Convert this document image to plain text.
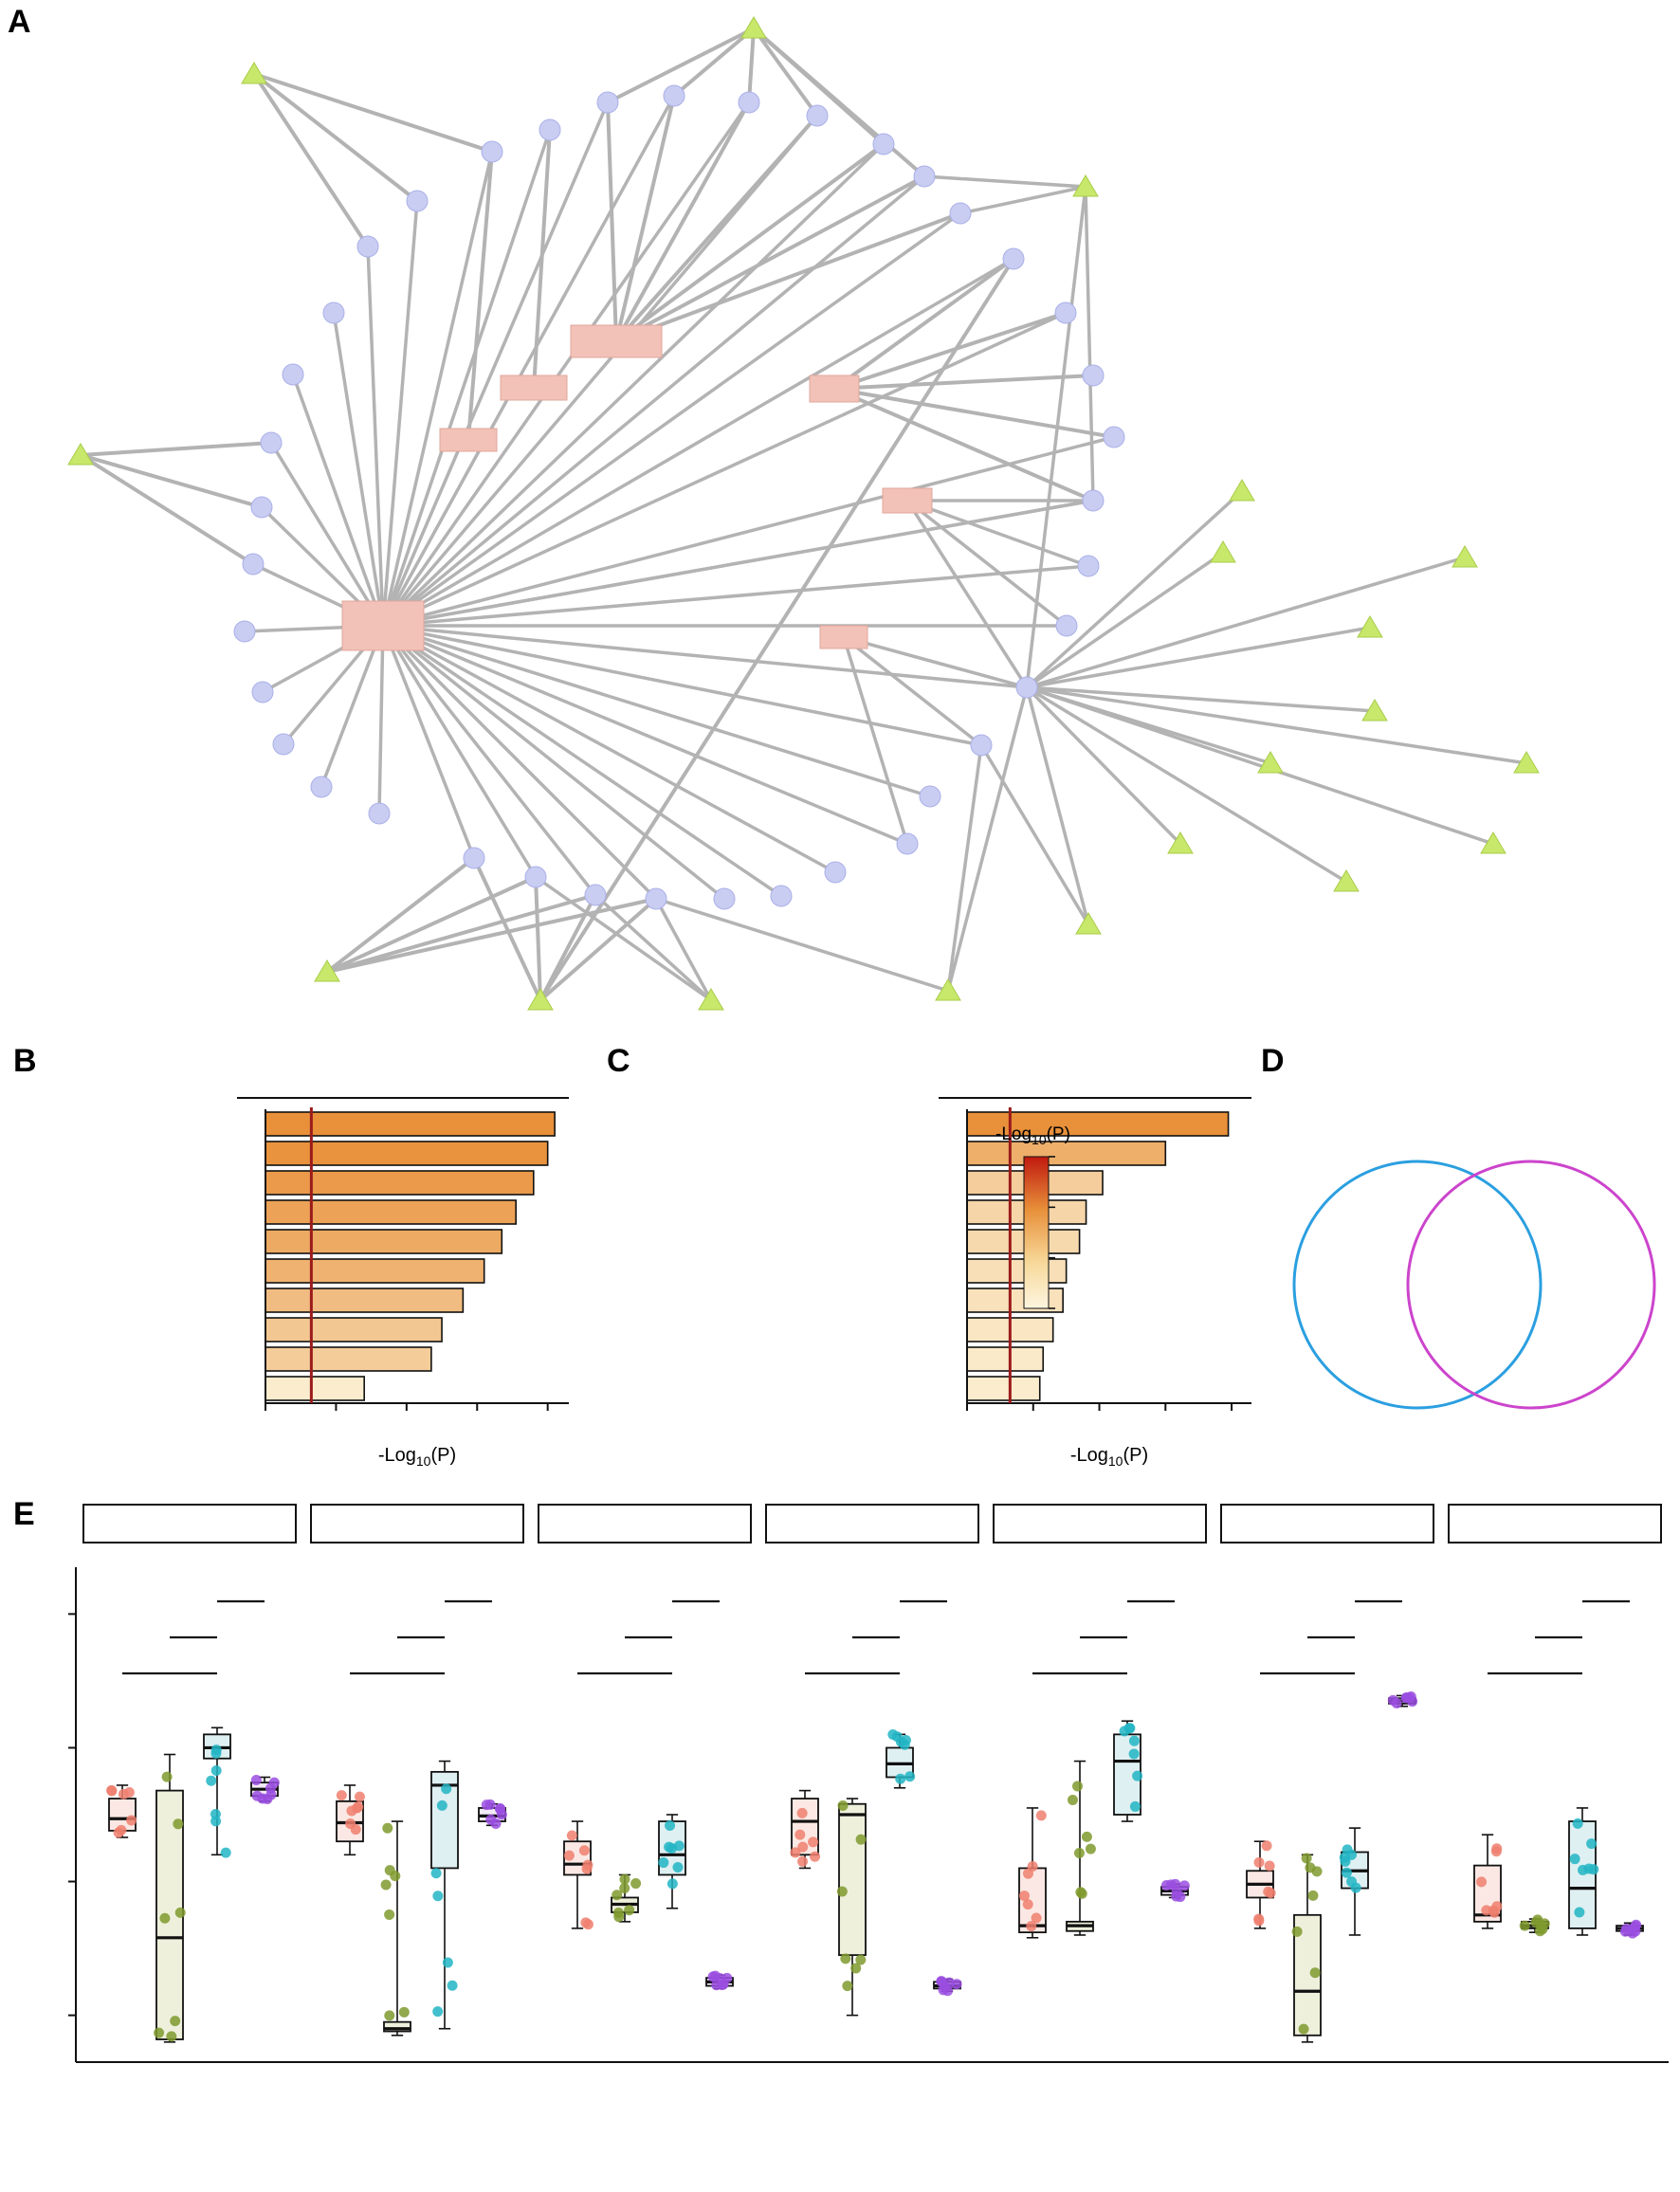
A
B
-Log$_{10}$(P)
C
-Log$_{10}$(P)
-Log$_{10}$(P)
D
E
